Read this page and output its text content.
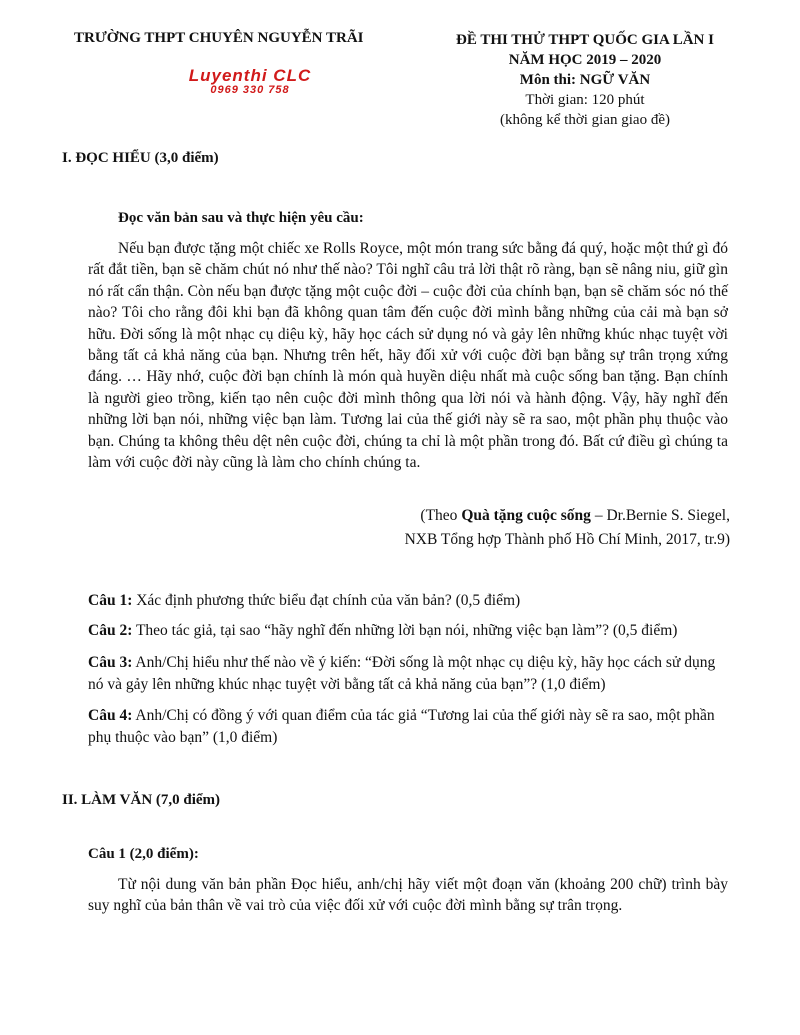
TRƯỜNG THPT CHUYÊN NGUYỄN TRÃI
Luyenthi CLC
0969 330 758
ĐỀ THI THỬ THPT QUỐC GIA LẦN I
NĂM HỌC 2019 – 2020
Môn thi: NGỮ VĂN
Thời gian: 120 phút
(không kể thời gian giao đề)
I. ĐỌC HIỂU (3,0 điểm)
Đọc văn bản sau và thực hiện yêu cầu:

Nếu bạn được tặng một chiếc xe Rolls Royce, một món trang sức bằng đá quý, hoặc một thứ gì đó rất đắt tiền, bạn sẽ chăm chút nó như thế nào? Tôi nghĩ câu trả lời thật rõ ràng, bạn sẽ nâng niu, giữ gìn nó rất cẩn thận. Còn nếu bạn được tặng một cuộc đời – cuộc đời của chính bạn, bạn sẽ chăm sóc nó thế nào? Tôi cho rằng đôi khi bạn đã không quan tâm đến cuộc đời mình bằng những của cải mà bạn sở hữu. Đời sống là một nhạc cụ diệu kỳ, hãy học cách sử dụng nó và gảy lên những khúc nhạc tuyệt vời bằng tất cả khả năng của bạn. Nhưng trên hết, hãy đối xử với cuộc đời bạn bằng sự trân trọng xứng đáng. … Hãy nhớ, cuộc đời bạn chính là món quà huyền diệu nhất mà cuộc sống ban tặng. Bạn chính là người gieo trồng, kiến tạo nên cuộc đời mình thông qua lời nói và hành động. Vậy, hãy nghĩ đến những lời bạn nói, những việc bạn làm. Tương lai của thế giới này sẽ ra sao, một phần phụ thuộc vào bạn. Chúng ta không thêu dệt nên cuộc đời, chúng ta chỉ là một phần trong đó. Bất cứ điều gì chúng ta làm với cuộc đời này cũng là làm cho chính chúng ta.

(Theo Quà tặng cuộc sống – Dr.Bernie S. Siegel,
NXB Tổng hợp Thành phố Hồ Chí Minh, 2017, tr.9)

Câu 1: Xác định phương thức biểu đạt chính của văn bản? (0,5 điểm)

Câu 2: Theo tác giả, tại sao “hãy nghĩ đến những lời bạn nói, những việc bạn làm”? (0,5 điểm)

Câu 3: Anh/Chị hiểu như thế nào về ý kiến: “Đời sống là một nhạc cụ diệu kỳ, hãy học cách sử dụng nó và gảy lên những khúc nhạc tuyệt vời bằng tất cả khả năng của bạn”? (1,0 điểm)

Câu 4: Anh/Chị có đồng ý với quan điểm của tác giả “Tương lai của thế giới này sẽ ra sao, một phần phụ thuộc vào bạn” (1,0 điểm)

II. LÀM VĂN (7,0 điểm)
Câu 1 (2,0 điểm):

Từ nội dung văn bản phần Đọc hiểu, anh/chị hãy viết một đoạn văn (khoảng 200 chữ) trình bày suy nghĩ của bản thân về vai trò của việc đối xử với cuộc đời mình bằng sự trân trọng.
